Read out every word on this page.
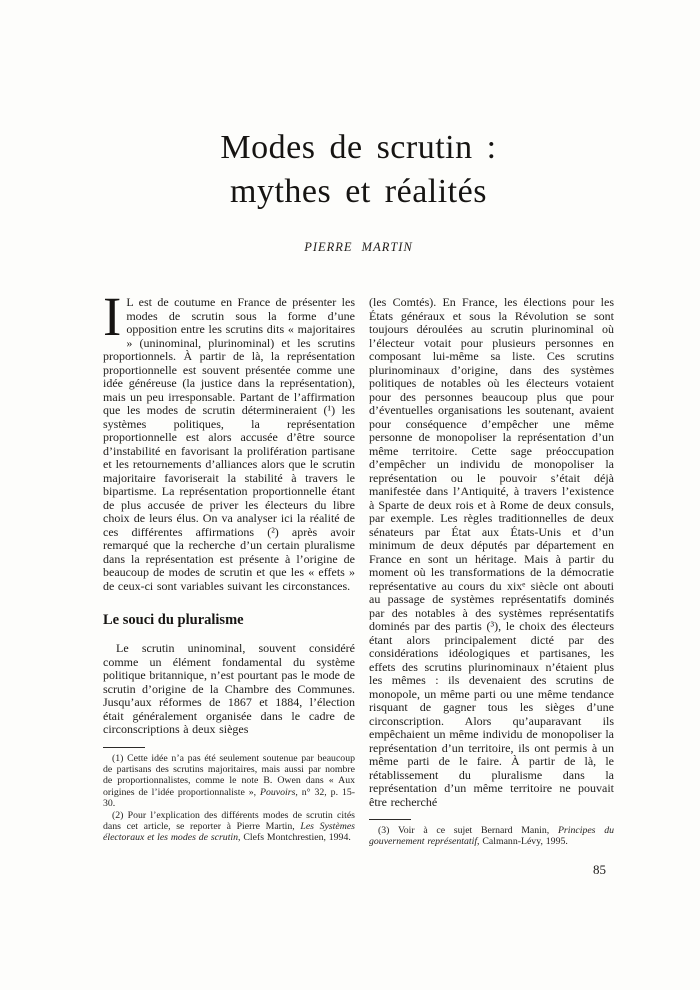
Modes de scrutin :
mythes et réalités
PIERRE MARTIN

I L est de coutume en France de présenter les modes de scrutin sous la forme d’une opposition entre les scrutins dits « majoritaires » (uninominal, plurinominal) et les scrutins proportionnels. À partir de là, la représentation proportionnelle est souvent présentée comme une idée généreuse (la justice dans la représentation), mais un peu irresponsable. Partant de l’affirmation que les modes de scrutin détermineraient (¹) les systèmes politiques, la représentation proportionnelle est alors accusée d’être source d’instabilité en favorisant la prolifération partisane et les retournements d’alliances alors que le scrutin majoritaire favoriserait la stabilité à travers le bipartisme. La représentation proportionnelle étant de plus accusée de priver les électeurs du libre choix de leurs élus. On va analyser ici la réalité de ces différentes affirmations (²) après avoir remarqué que la recherche d’un certain pluralisme dans la représentation est présente à l’origine de beaucoup de modes de scrutin et que les « effets » de ceux-ci sont variables suivant les circonstances.

Le souci du pluralisme

Le scrutin uninominal, souvent considéré comme un élément fondamental du système politique britannique, n’est pourtant pas le mode de scrutin d’origine de la Chambre des Communes. Jusqu’aux réformes de 1867 et 1884, l’élection était généralement organisée dans le cadre de circonscriptions à deux sièges

(1) Cette idée n’a pas été seulement soutenue par beaucoup de partisans des scrutins majoritaires, mais aussi par nombre de proportionnalistes, comme le note B. Owen dans « Aux origines de l’idée proportionnaliste », Pouvoirs, n° 32, p. 15-30.

(2) Pour l’explication des différents modes de scrutin cités dans cet article, se reporter à Pierre Martin, Les Systèmes électoraux et les modes de scrutin, Clefs Montchrestien, 1994.

(les Comtés). En France, les élections pour les États généraux et sous la Révolution se sont toujours déroulées au scrutin plurinominal où l’électeur votait pour plusieurs personnes en composant lui-même sa liste. Ces scrutins plurinominaux d’origine, dans des systèmes politiques de notables où les électeurs votaient pour des personnes beaucoup plus que pour d’éventuelles organisations les soutenant, avaient pour conséquence d’empêcher une même personne de monopoliser la représentation d’un même territoire. Cette sage préoccupation d’empêcher un individu de monopoliser la représentation ou le pouvoir s’était déjà manifestée dans l’Antiquité, à travers l’existence à Sparte de deux rois et à Rome de deux consuls, par exemple. Les règles traditionnelles de deux sénateurs par État aux États-Unis et d’un minimum de deux députés par département en France en sont un héritage. Mais à partir du moment où les transformations de la démocratie représentative au cours du xixᵉ siècle ont abouti au passage de systèmes représentatifs dominés par des notables à des systèmes représentatifs dominés par des partis (³), le choix des électeurs étant alors principalement dicté par des considérations idéologiques et partisanes, les effets des scrutins plurinominaux n’étaient plus les mêmes : ils devenaient des scrutins de monopole, un même parti ou une même tendance risquant de gagner tous les sièges d’une circonscription. Alors qu’auparavant ils empêchaient un même individu de monopoliser la représentation d’un territoire, ils ont permis à un même parti de le faire. À partir de là, le rétablissement du pluralisme dans la représentation d’un même territoire ne pouvait être recherché

(3) Voir à ce sujet Bernard Manin, Principes du gouvernement représentatif, Calmann-Lévy, 1995.

85
